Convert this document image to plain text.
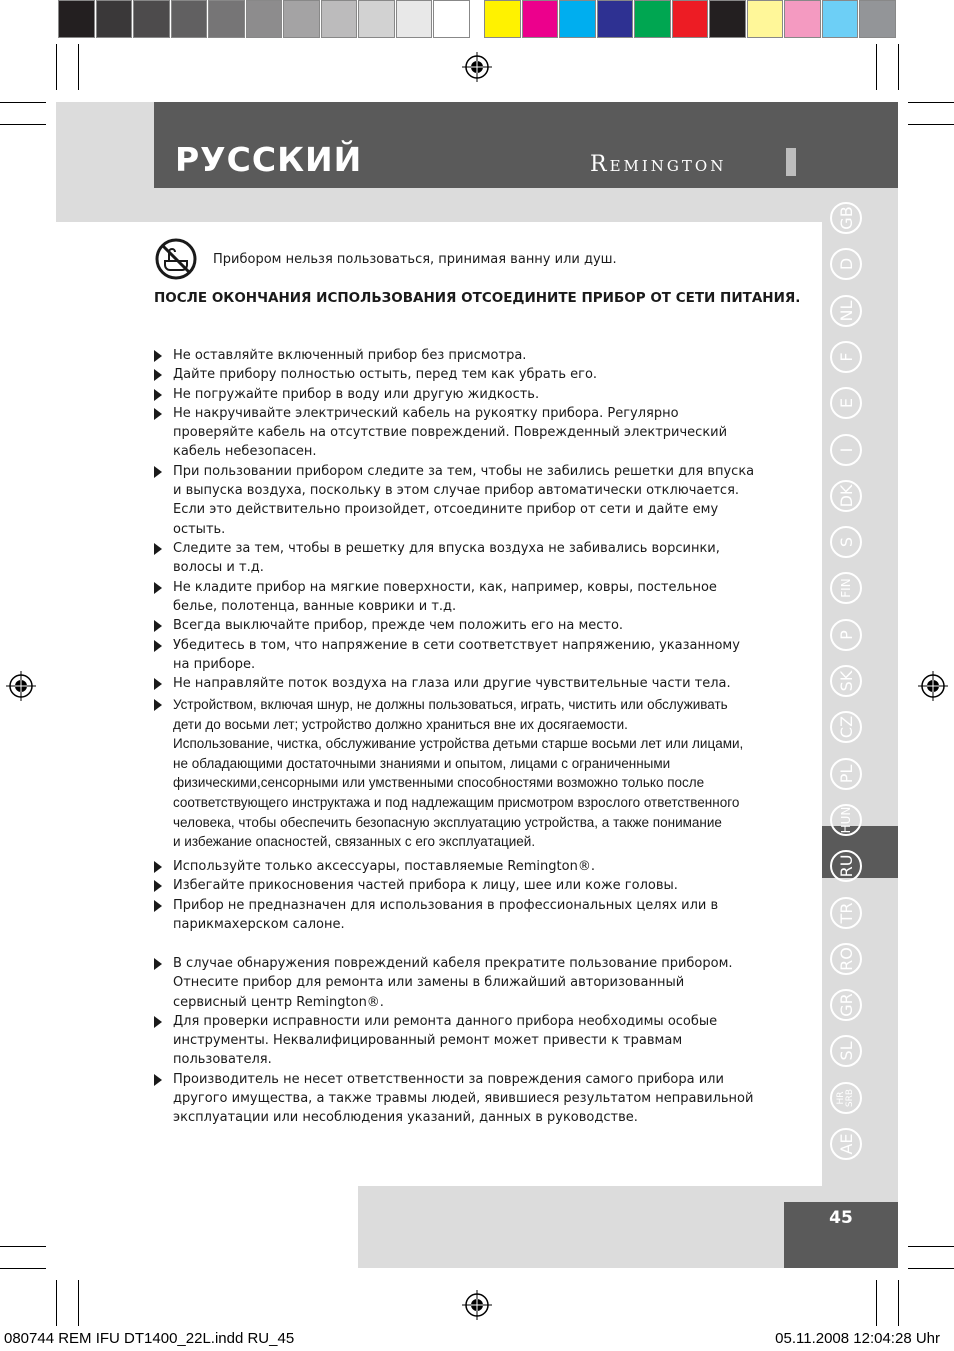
РУССКИЙ	Remington
GB
D
NL
F
E
I
DK
S
FIN
P
SK
CZ
PL
HUN
RU
TR
RO
GR
SL
HR
SRB
AE
Прибором нельзя пользоваться, принимая ванну или душ.
ПОСЛЕ ОКОНЧАНИЯ ИСПОЛЬЗОВАНИЯ ОТСОЕДИНИТЕ ПРИБОР ОТ СЕТИ ПИТАНИЯ.
Не оставляйте включенный прибор без присмотра.
Дайте прибору полностью остыть, перед тем как убрать его.
Не погружайте прибор в воду или другую жидкость.
Не накручивайте электрический кабель на рукоятку прибора. Регулярно
проверяйте кабель на отсутствие повреждений. Поврежденный электрический
кабель небезопасен.
При пользовании прибором следите за тем, чтобы не забились решетки для впуска
и выпуска воздуха, поскольку в этом случае прибор автоматически отключается.
Если это действительно произойдет, отсоедините прибор от сети и дайте ему
остыть.
Следите за тем, чтобы в решетку для впуска воздуха не забивались ворсинки,
волосы и т.д.
Не кладите прибор на мягкие поверхности, как, например, ковры, постельное
белье, полотенца, ванные коврики и т.д.
Всегда выключайте прибор, прежде чем положить его на место.
Убедитесь в том, что напряжение в сети соответствует напряжению, указанному
на приборе.
Не направляйте поток воздуха на глаза или другие чувствительные части тела.
Устройством, включая шнур, не должны пользоваться, играть, чистить или обслуживать
дети до восьми лет; устройство должно храниться вне их досягаемости.
Использование, чистка, обслуживание устройства детьми старше восьми лет или лицами,
не обладающими достаточными знаниями и опытом, лицами с ограниченными
физическими,сенсорными или умственными способностями возможно только после
соответствующего инструктажа и под надлежащим присмотром взрослого ответственного
человека, чтобы обеспечить безопасную эксплуатацию устройства, а также понимание
и избежание опасностей, связанных с его эксплуатацией.
Используйте только аксессуары, поставляемые Remington®.
Избегайте прикосновения частей прибора к лицу, шее или коже головы.
Прибор не предназначен для использования в профессиональных целях или в
парикмахерском салоне.
В случае обнаружения повреждений кабеля прекратите пользование прибором.
Отнесите прибор для ремонта или замены в ближайший авторизованный
сервисный центр Remington®.
Для проверки исправности или ремонта данного прибора необходимы особые
инструменты. Неквалифицированный ремонт может привести к травмам
пользователя.
Производитель не несет ответственности за повреждения самого прибора или
другого имущества, а также травмы людей, явившиеся результатом неправильной
эксплуатации или несоблюдения указаний, данных в руководстве.
45
080744 REM IFU DT1400_22L.indd RU_45	05.11.2008 12:04:28 Uhr
